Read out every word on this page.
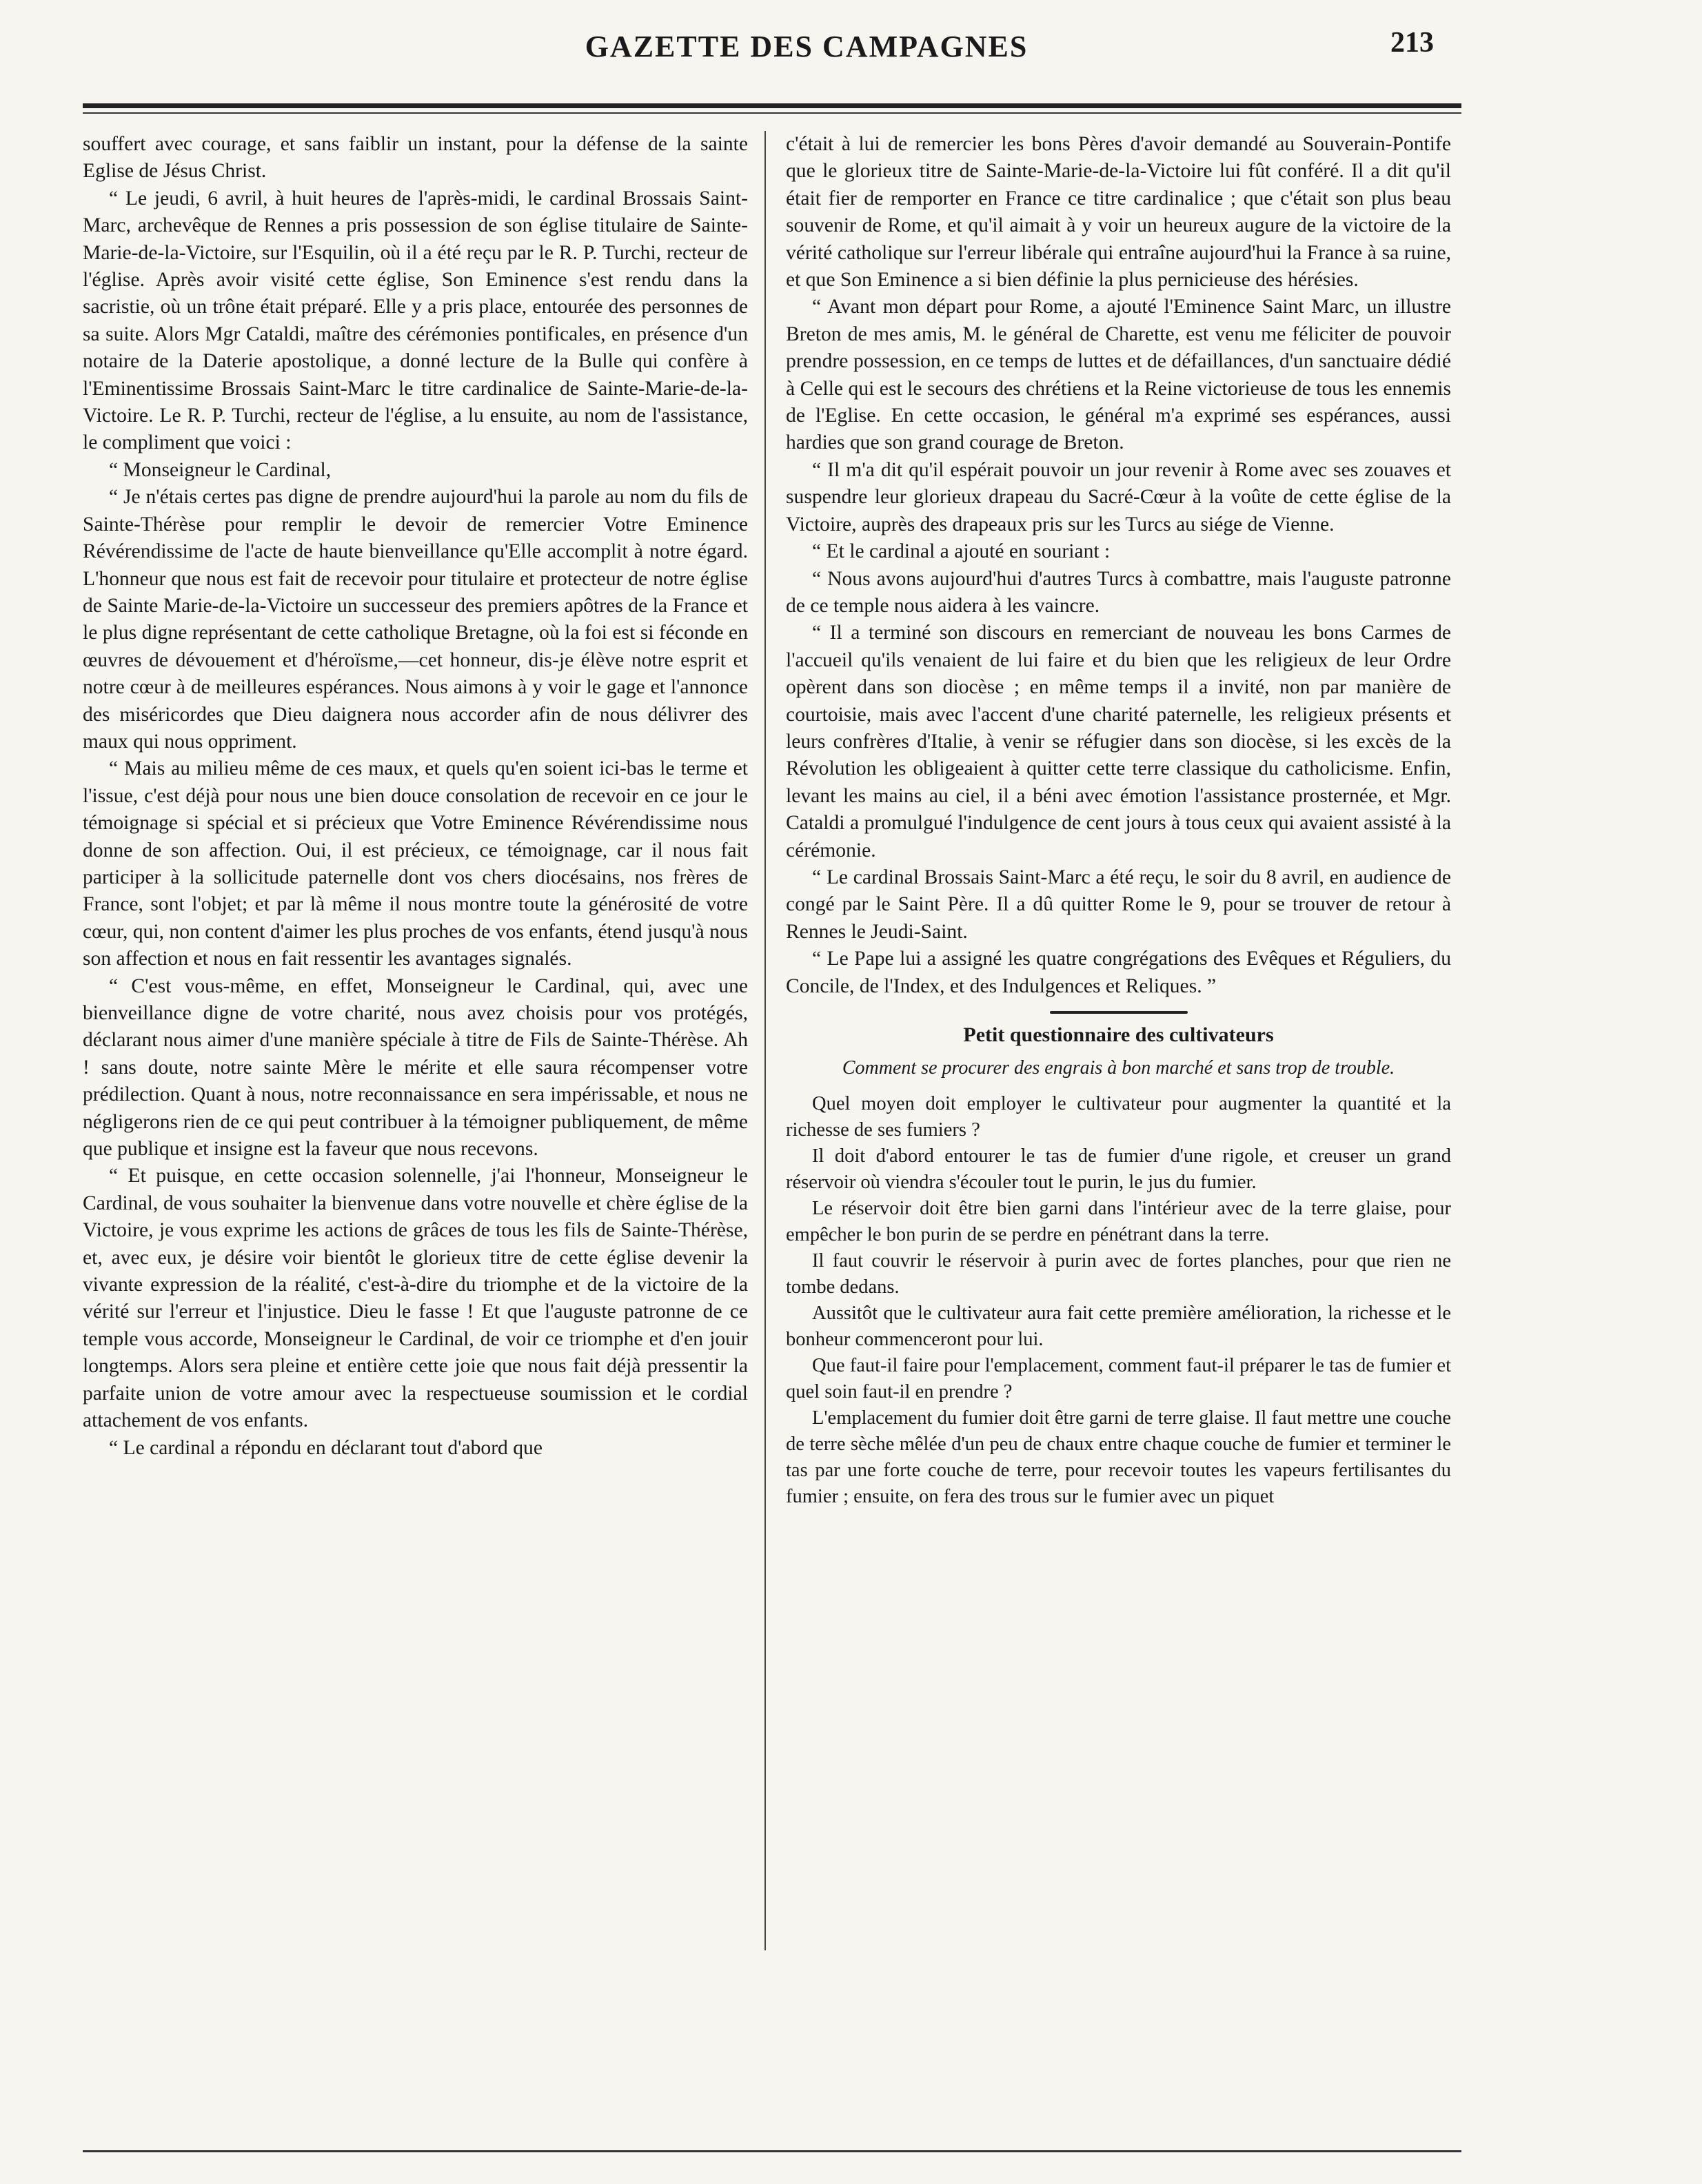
GAZETTE DES CAMPAGNES	213

souffert avec courage, et sans faiblir un instant, pour la défense de la sainte Eglise de Jésus Christ.

“ Le jeudi, 6 avril, à huit heures de l'après-midi, le cardinal Brossais Saint-Marc, archevêque de Rennes a pris possession de son église titulaire de Sainte-Marie-de-la-Victoire, sur l'Esquilin, où il a été reçu par le R. P. Turchi, recteur de l'église. Après avoir visité cette église, Son Eminence s'est rendu dans la sacristie, où un trône était préparé. Elle y a pris place, entourée des personnes de sa suite. Alors Mgr Cataldi, maître des cérémonies pontificales, en présence d'un notaire de la Daterie apostolique, a donné lecture de la Bulle qui confère à l'Eminentissime Brossais Saint-Marc le titre cardinalice de Sainte-Marie-de-la-Victoire. Le R. P. Turchi, recteur de l'église, a lu ensuite, au nom de l'assistance, le compliment que voici :

“ Monseigneur le Cardinal,

“ Je n'étais certes pas digne de prendre aujourd'hui la parole au nom du fils de Sainte-Thérèse pour remplir le devoir de remercier Votre Eminence Révérendissime de l'acte de haute bienveillance qu'Elle accomplit à notre égard. L'honneur que nous est fait de recevoir pour titulaire et protecteur de notre église de Sainte Marie-de-la-Victoire un successeur des premiers apôtres de la France et le plus digne représentant de cette catholique Bretagne, où la foi est si féconde en œuvres de dévouement et d'héroïsme,—cet honneur, dis-je élève notre esprit et notre cœur à de meilleures espérances. Nous aimons à y voir le gage et l'annonce des miséricordes que Dieu daignera nous accorder afin de nous délivrer des maux qui nous oppriment.

“ Mais au milieu même de ces maux, et quels qu'en soient ici-bas le terme et l'issue, c'est déjà pour nous une bien douce consolation de recevoir en ce jour le témoignage si spécial et si précieux que Votre Eminence Révérendissime nous donne de son affection. Oui, il est précieux, ce témoignage, car il nous fait participer à la sollicitude paternelle dont vos chers diocésains, nos frères de France, sont l'objet; et par là même il nous montre toute la générosité de votre cœur, qui, non content d'aimer les plus proches de vos enfants, étend jusqu'à nous son affection et nous en fait ressentir les avantages signalés.

“ C'est vous-même, en effet, Monseigneur le Cardinal, qui, avec une bienveillance digne de votre charité, nous avez choisis pour vos protégés, déclarant nous aimer d'une manière spéciale à titre de Fils de Sainte-Thérèse. Ah ! sans doute, notre sainte Mère le mérite et elle saura récompenser votre prédilection. Quant à nous, notre reconnaissance en sera impérissable, et nous ne négligerons rien de ce qui peut contribuer à la témoigner publiquement, de même que publique et insigne est la faveur que nous recevons.

“ Et puisque, en cette occasion solennelle, j'ai l'honneur, Monseigneur le Cardinal, de vous souhaiter la bienvenue dans votre nouvelle et chère église de la Victoire, je vous exprime les actions de grâces de tous les fils de Sainte-Thérèse, et, avec eux, je désire voir bientôt le glorieux titre de cette église devenir la vivante expression de la réalité, c'est-à-dire du triomphe et de la victoire de la vérité sur l'erreur et l'injustice. Dieu le fasse ! Et que l'auguste patronne de ce temple vous accorde, Monseigneur le Cardinal, de voir ce triomphe et d'en jouir longtemps. Alors sera pleine et entière cette joie que nous fait déjà pressentir la parfaite union de votre amour avec la respectueuse soumission et le cordial attachement de vos enfants.

“ Le cardinal a répondu en déclarant tout d'abord que

c'était à lui de remercier les bons Pères d'avoir demandé au Souverain-Pontife que le glorieux titre de Sainte-Marie-de-la-Victoire lui fût conféré. Il a dit qu'il était fier de remporter en France ce titre cardinalice ; que c'était son plus beau souvenir de Rome, et qu'il aimait à y voir un heureux augure de la victoire de la vérité catholique sur l'erreur libérale qui entraîne aujourd'hui la France à sa ruine, et que Son Eminence a si bien définie la plus pernicieuse des hérésies.

“ Avant mon départ pour Rome, a ajouté l'Eminence Saint Marc, un illustre Breton de mes amis, M. le général de Charette, est venu me féliciter de pouvoir prendre possession, en ce temps de luttes et de défaillances, d'un sanctuaire dédié à Celle qui est le secours des chrétiens et la Reine victorieuse de tous les ennemis de l'Eglise. En cette occasion, le général m'a exprimé ses espérances, aussi hardies que son grand courage de Breton.

“ Il m'a dit qu'il espérait pouvoir un jour revenir à Rome avec ses zouaves et suspendre leur glorieux drapeau du Sacré-Cœur à la voûte de cette église de la Victoire, auprès des drapeaux pris sur les Turcs au siége de Vienne.

“ Et le cardinal a ajouté en souriant :

“ Nous avons aujourd'hui d'autres Turcs à combattre, mais l'auguste patronne de ce temple nous aidera à les vaincre.

“ Il a terminé son discours en remerciant de nouveau les bons Carmes de l'accueil qu'ils venaient de lui faire et du bien que les religieux de leur Ordre opèrent dans son diocèse ; en même temps il a invité, non par manière de courtoisie, mais avec l'accent d'une charité paternelle, les religieux présents et leurs confrères d'Italie, à venir se réfugier dans son diocèse, si les excès de la Révolution les obligeaient à quitter cette terre classique du catholicisme. Enfin, levant les mains au ciel, il a béni avec émotion l'assistance prosternée, et Mgr. Cataldi a promulgué l'indulgence de cent jours à tous ceux qui avaient assisté à la cérémonie.

“ Le cardinal Brossais Saint-Marc a été reçu, le soir du 8 avril, en audience de congé par le Saint Père. Il a dû quitter Rome le 9, pour se trouver de retour à Rennes le Jeudi-Saint.

“ Le Pape lui a assigné les quatre congrégations des Evêques et Réguliers, du Concile, de l'Index, et des Indulgences et Reliques. ”

Petit questionnaire des cultivateurs
Comment se procurer des engrais à bon marché et sans trop de trouble.

Quel moyen doit employer le cultivateur pour augmenter la quantité et la richesse de ses fumiers ?

Il doit d'abord entourer le tas de fumier d'une rigole, et creuser un grand réservoir où viendra s'écouler tout le purin, le jus du fumier.

Le réservoir doit être bien garni dans l'intérieur avec de la terre glaise, pour empêcher le bon purin de se perdre en pénétrant dans la terre.

Il faut couvrir le réservoir à purin avec de fortes planches, pour que rien ne tombe dedans.

Aussitôt que le cultivateur aura fait cette première amélioration, la richesse et le bonheur commenceront pour lui.

Que faut-il faire pour l'emplacement, comment faut-il préparer le tas de fumier et quel soin faut-il en prendre ?

L'emplacement du fumier doit être garni de terre glaise. Il faut mettre une couche de terre sèche mêlée d'un peu de chaux entre chaque couche de fumier et terminer le tas par une forte couche de terre, pour recevoir toutes les vapeurs fertilisantes du fumier ; ensuite, on fera des trous sur le fumier avec un piquet
